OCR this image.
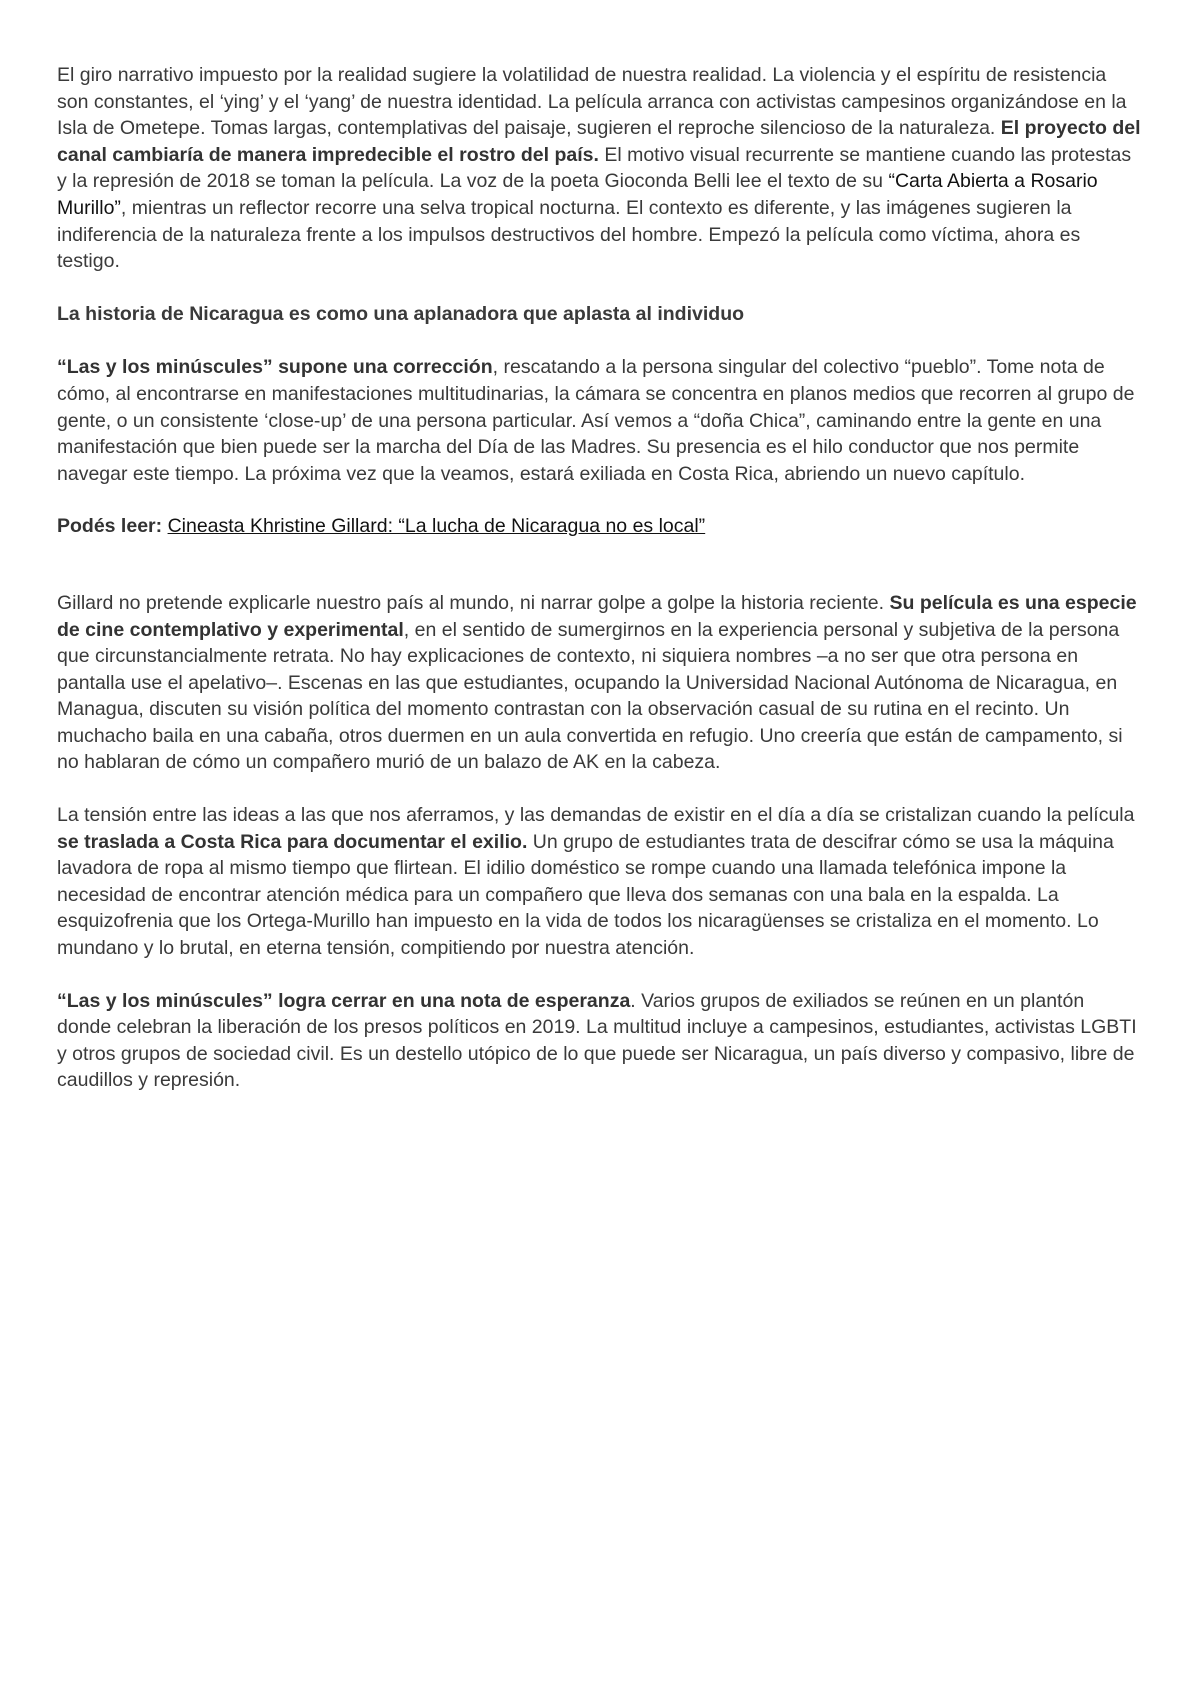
El giro narrativo impuesto por la realidad sugiere la volatilidad de nuestra realidad. La violencia y el espíritu de resistencia son constantes, el ‘ying’ y el ‘yang’ de nuestra identidad. La película arranca con activistas campesinos organizándose en la Isla de Ometepe. Tomas largas, contemplativas del paisaje, sugieren el reproche silencioso de la naturaleza. El proyecto del canal cambiaría de manera impredecible el rostro del país. El motivo visual recurrente se mantiene cuando las protestas y la represión de 2018 se toman la película. La voz de la poeta Gioconda Belli lee el texto de su “Carta Abierta a Rosario Murillo”, mientras un reflector recorre una selva tropical nocturna. El contexto es diferente, y las imágenes sugieren la indiferencia de la naturaleza frente a los impulsos destructivos del hombre. Empezó la película como víctima, ahora es testigo.

La historia de Nicaragua es como una aplanadora que aplasta al individuo

“Las y los minúscules” supone una corrección, rescatando a la persona singular del colectivo “pueblo”. Tome nota de cómo, al encontrarse en manifestaciones multitudinarias, la cámara se concentra en planos medios que recorren al grupo de gente, o un consistente ‘close-up’ de una persona particular. Así vemos a “doña Chica”, caminando entre la gente en una manifestación que bien puede ser la marcha del Día de las Madres. Su presencia es el hilo conductor que nos permite navegar este tiempo. La próxima vez que la veamos, estará exiliada en Costa Rica, abriendo un nuevo capítulo.

Podés leer: Cineasta Khristine Gillard: “La lucha de Nicaragua no es local”

Gillard no pretende explicarle nuestro país al mundo, ni narrar golpe a golpe la historia reciente. Su película es una especie de cine contemplativo y experimental, en el sentido de sumergirnos en la experiencia personal y subjetiva de la persona que circunstancialmente retrata. No hay explicaciones de contexto, ni siquiera nombres –a no ser que otra persona en pantalla use el apelativo–. Escenas en las que estudiantes, ocupando la Universidad Nacional Autónoma de Nicaragua, en Managua, discuten su visión política del momento contrastan con la observación casual de su rutina en el recinto. Un muchacho baila en una cabaña, otros duermen en un aula convertida en refugio. Uno creería que están de campamento, si no hablaran de cómo un compañero murió de un balazo de AK en la cabeza.

La tensión entre las ideas a las que nos aferramos, y las demandas de existir en el día a día se cristalizan cuando la película se traslada a Costa Rica para documentar el exilio. Un grupo de estudiantes trata de descifrar cómo se usa la máquina lavadora de ropa al mismo tiempo que flirtean. El idilio doméstico se rompe cuando una llamada telefónica impone la necesidad de encontrar atención médica para un compañero que lleva dos semanas con una bala en la espalda. La esquizofrenia que los Ortega-Murillo han impuesto en la vida de todos los nicaragüenses se cristaliza en el momento. Lo mundano y lo brutal, en eterna tensión, compitiendo por nuestra atención.

“Las y los minúscules” logra cerrar en una nota de esperanza. Varios grupos de exiliados se reúnen en un plantón donde celebran la liberación de los presos políticos en 2019. La multitud incluye a campesinos, estudiantes, activistas LGBTI y otros grupos de sociedad civil. Es un destello utópico de lo que puede ser Nicaragua, un país diverso y compasivo, libre de caudillos y represión.
